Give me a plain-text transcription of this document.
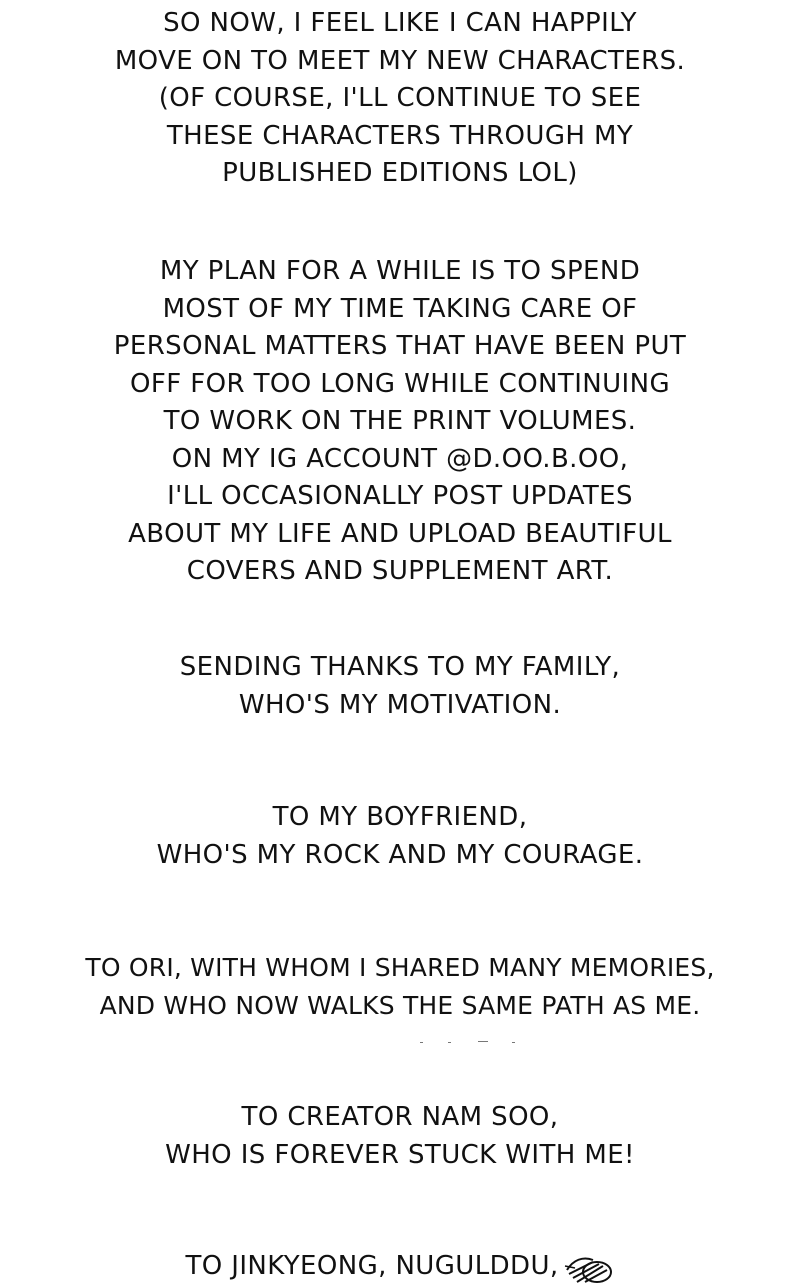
SO NOW, I FEEL LIKE I CAN HAPPILY
MOVE ON TO MEET MY NEW CHARACTERS.
(OF COURSE, I'LL CONTINUE TO SEE
THESE CHARACTERS THROUGH MY
PUBLISHED EDITIONS LOL)
MY PLAN FOR A WHILE IS TO SPEND
MOST OF MY TIME TAKING CARE OF
PERSONAL MATTERS THAT HAVE BEEN PUT
OFF FOR TOO LONG WHILE CONTINUING
TO WORK ON THE PRINT VOLUMES.
ON MY IG ACCOUNT @D.OO.B.OO,
I'LL OCCASIONALLY POST UPDATES
ABOUT MY LIFE AND UPLOAD BEAUTIFUL
COVERS AND SUPPLEMENT ART.
SENDING THANKS TO MY FAMILY,
WHO'S MY MOTIVATION.
TO MY BOYFRIEND,
WHO'S MY ROCK AND MY COURAGE.
TO ORI, WITH WHOM I SHARED MANY MEMORIES,
AND WHO NOW WALKS THE SAME PATH AS ME.
TO CREATOR NAM SOO,
WHO IS FOREVER STUCK WITH ME!
TO JINKYEONG, NUGULDDU,
